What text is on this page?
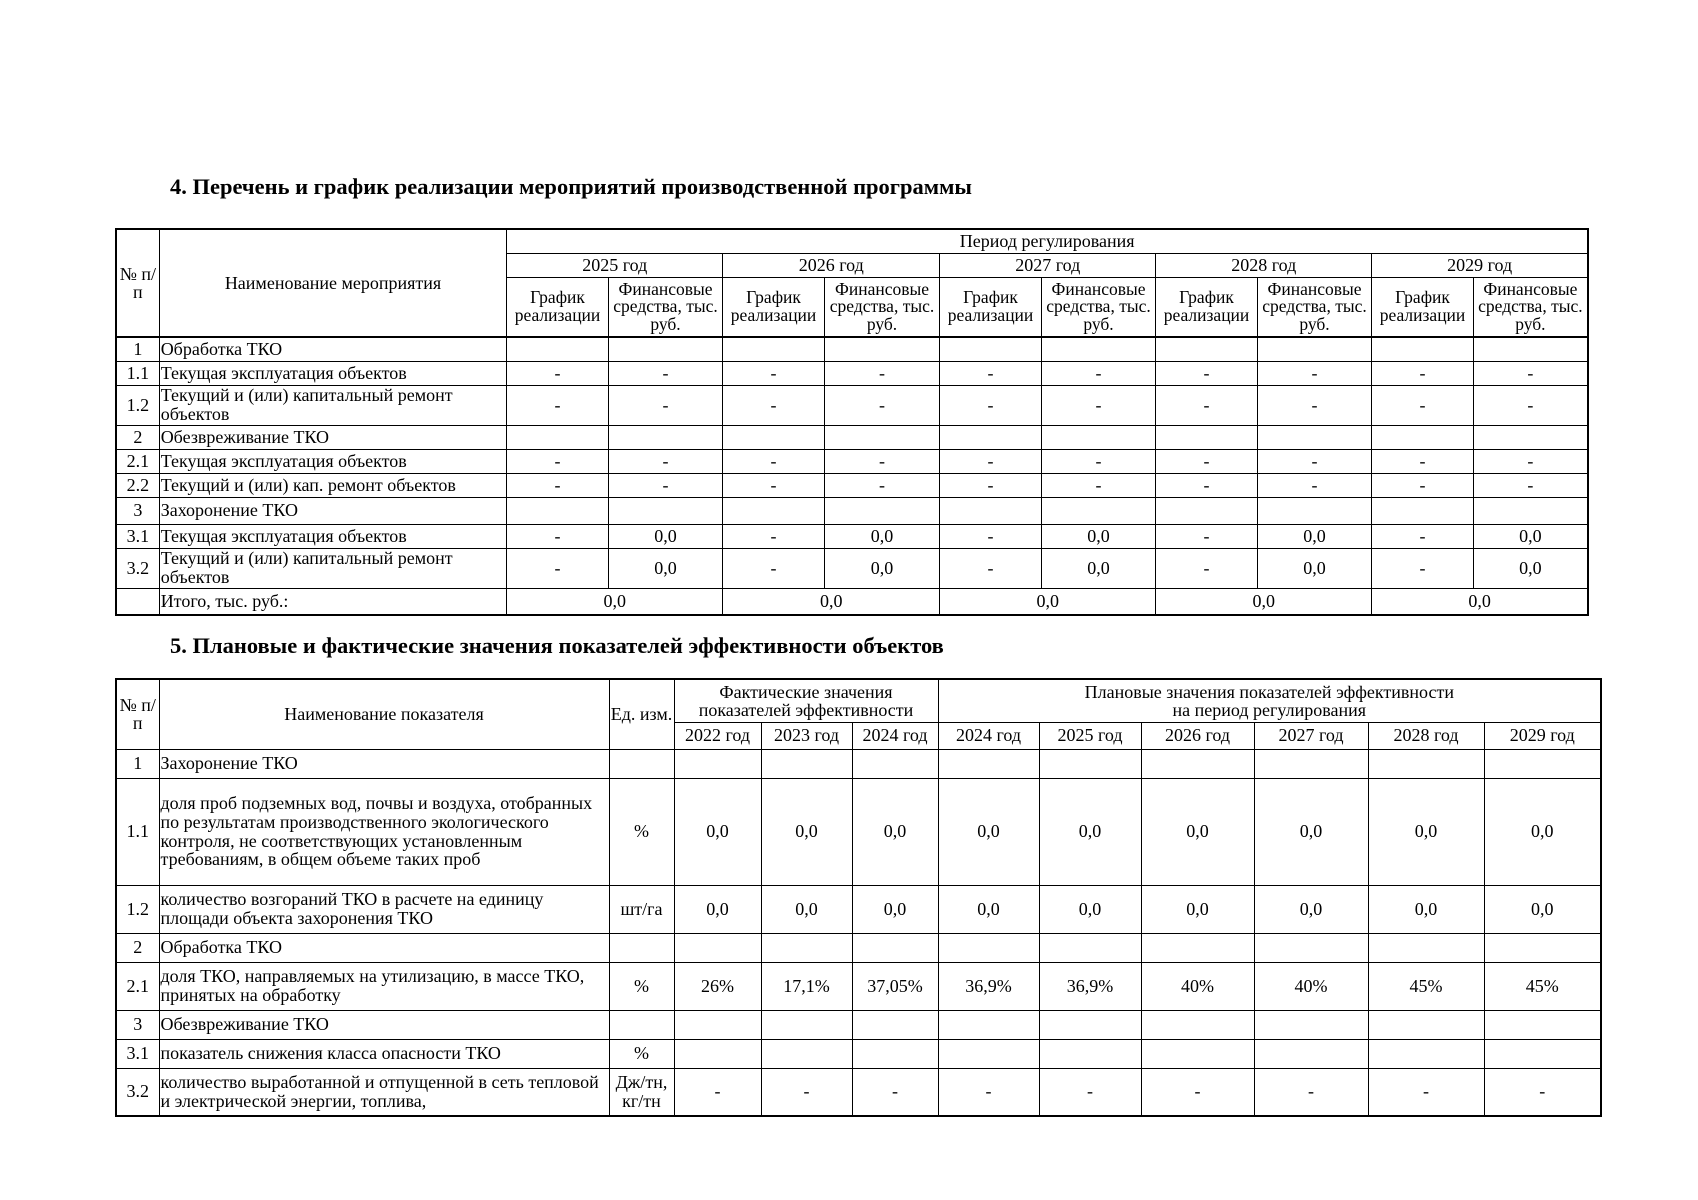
4. Перечень и график реализации мероприятий производственной программы
№ п/п	Наименование мероприятия	Период регулирования									
		2025 год		2026 год		2027 год		2028 год		2029 год	
		График реализации	Финансовые средства, тыс. руб.	График реализации	Финансовые средства, тыс. руб.	График реализации	Финансовые средства, тыс. руб.	График реализации	Финансовые средства, тыс. руб.	График реализации	Финансовые средства, тыс. руб.
1	Обработка ТКО										
1.1	Текущая эксплуатация объектов	-	-	-	-	-	-	-	-	-	-
1.2	Текущий и (или) капитальный ремонт объектов	-	-	-	-	-	-	-	-	-	-
2	Обезвреживание ТКО										
2.1	Текущая эксплуатация объектов	-	-	-	-	-	-	-	-	-	-
2.2	Текущий и (или) кап. ремонт объектов	-	-	-	-	-	-	-	-	-	-
3	Захоронение ТКО										
3.1	Текущая эксплуатация объектов	-	0,0	-	0,0	-	0,0	-	0,0	-	0,0
3.2	Текущий и (или) капитальный ремонт объектов	-	0,0	-	0,0	-	0,0	-	0,0	-	0,0
	Итого, тыс. руб.:	0,0		0,0		0,0		0,0		0,0	
5. Плановые и фактические значения показателей эффективности объектов
№ п/п	Наименование показателя	Ед. изм.	Фактические значения показателей эффективности			Плановые значения показателей эффективности
на период регулирования					

			2022 год	2023 год	2024 год	2024 год	2025 год	2026 год	2027 год	2028 год	2029 год
1	Захоронение ТКО										
1.1	доля проб подземных вод, почвы и воздуха, отобранных по результатам производственного экологического контроля, не соответствующих установленным требованиям, в общем объеме таких проб	%	0,0	0,0	0,0	0,0	0,0	0,0	0,0	0,0	0,0
1.2	количество возгораний ТКО в расчете на единицу площади объекта захоронения ТКО	шт/га	0,0	0,0	0,0	0,0	0,0	0,0	0,0	0,0	0,0
2	Обработка ТКО										
2.1	доля ТКО, направляемых на утилизацию, в массе ТКО, принятых на обработку	%	26%	17,1%	37,05%	36,9%	36,9%	40%	40%	45%	45%
3	Обезвреживание ТКО										
3.1	показатель снижения класса опасности ТКО	%									
3.2	количество выработанной и отпущенной в сеть тепловой и электрической энергии, топлива,	Дж/тн, кг/тн	-	-	-	-	-	-	-	-	-
